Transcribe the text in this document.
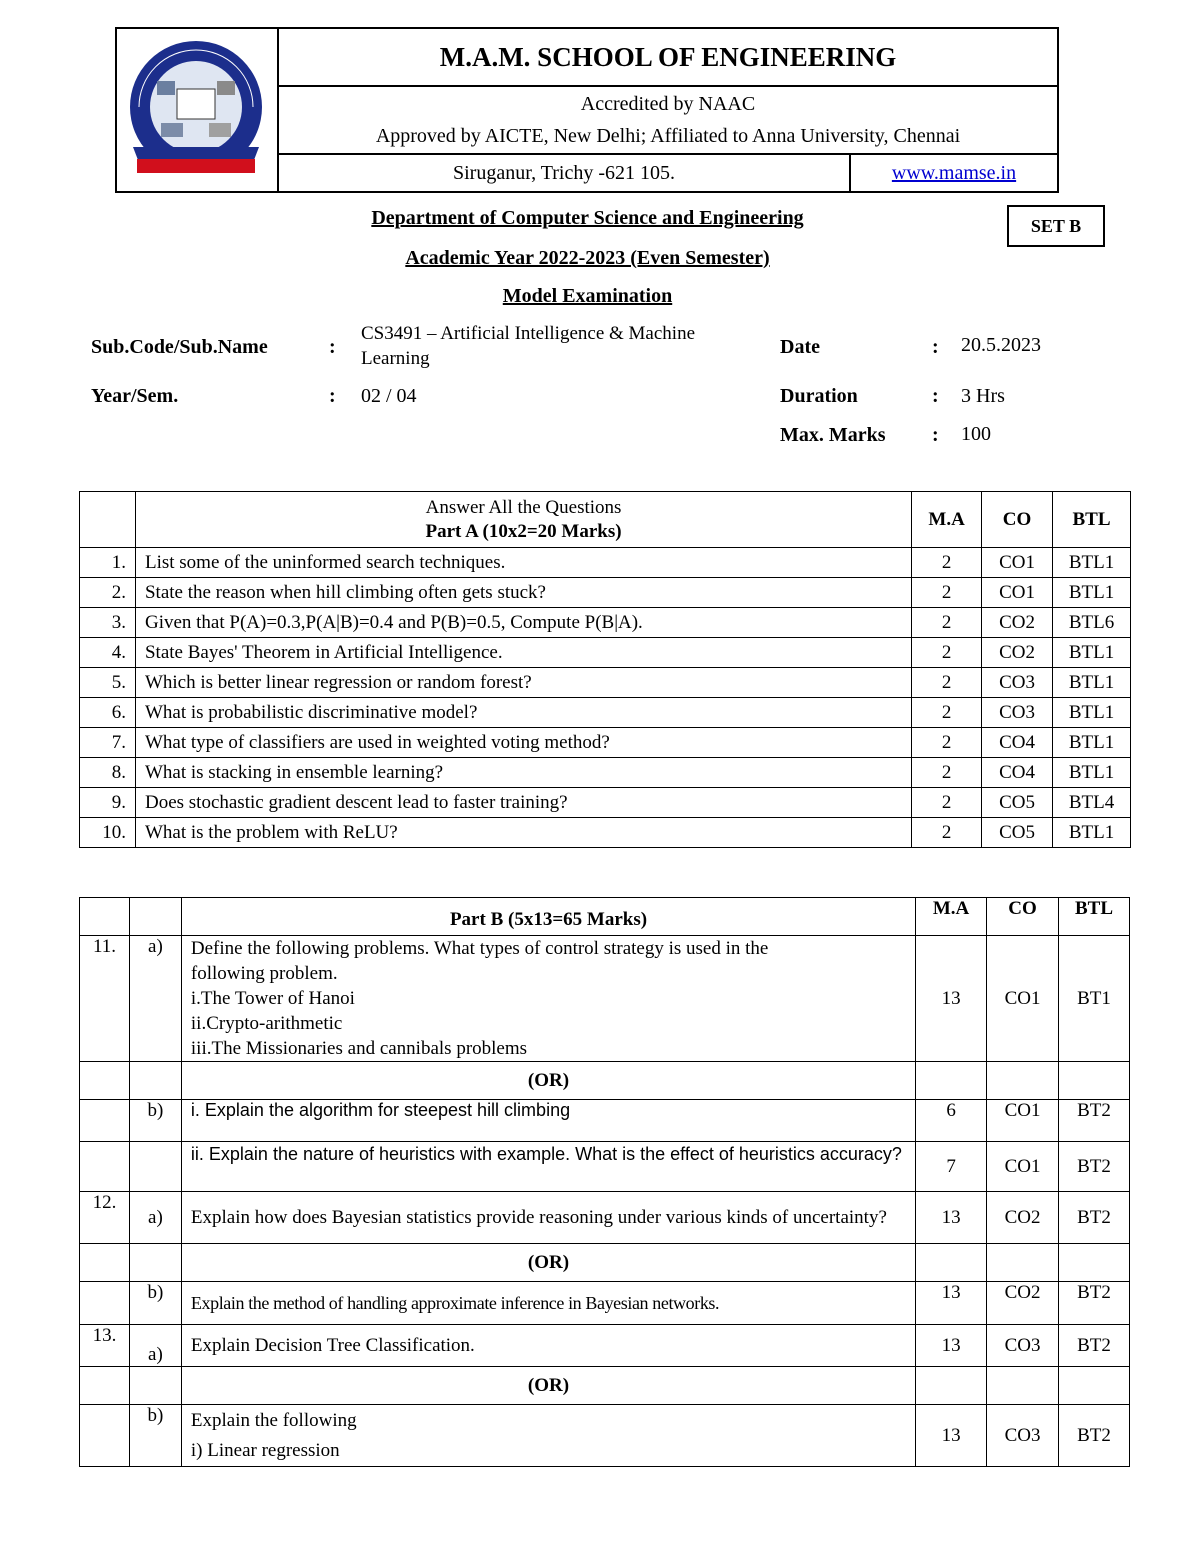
	M.A.M. SCHOOL OF ENGINEERING	

	Accredited by NAAC
Approved by AICTE, New Delhi; Affiliated to Anna University, Chennai	

	Siruganur, Trichy -621 105.	www.mamse.in
Department of Computer Science and Engineering
Academic Year 2022-2023 (Even Semester)
Model Examination
SET B
Sub.Code/Sub.Name	:
CS3491 – Artificial Intelligence & Machine Learning
Year/Sem.	: 02 / 04
Date	: 20.5.2023
Duration	: 3 Hrs
Max. Marks : 100

	Answer All the Questions
Part A (10x2=20 Marks)	M.A	CO	BTL
1.	List some of the uninformed search techniques.	2	CO1	BTL1
2.	State the reason when hill climbing often gets stuck?	2	CO1	BTL1
3.	Given that P(A)=0.3,P(A|B)=0.4 and P(B)=0.5, Compute P(B|A).	2	CO2	BTL6
4.	State Bayes' Theorem in Artificial Intelligence.	2	CO2	BTL1
5.	Which is better linear regression or random forest?	2	CO3	BTL1
6.	What is probabilistic discriminative model?	2	CO3	BTL1
7.	What type of classifiers are used in weighted voting method?	2	CO4	BTL1
8.	What is stacking in ensemble learning?	2	CO4	BTL1
9.	Does stochastic gradient descent lead to faster training?	2	CO5	BTL4
10.	What is the problem with ReLU?	2	CO5	BTL1
		Part B (5x13=65 Marks)	M.A	CO	BTL
11.	a)	Define the following problems. What types of control strategy is used in the
following problem.
i.The Tower of Hanoi
ii.Crypto-arithmetic
iii.The Missionaries and cannibals problems	13	CO1	BT1
		(OR)			
	b)	i. Explain the algorithm for steepest hill climbing	6	CO1	BT2
		ii. Explain the nature of heuristics with example. What is the effect of heuristics accuracy?	7	CO1	BT2
12.	a)	Explain how does Bayesian statistics provide reasoning under various kinds of uncertainty?	13	CO2	BT2
		(OR)			
	b)	Explain the method of handling approximate inference in Bayesian networks.	13	CO2	BT2
13.	a)	Explain Decision Tree Classification.	13	CO3	BT2
		(OR)			
	b)	Explain the following
i) Linear regression	13	CO3	BT2
